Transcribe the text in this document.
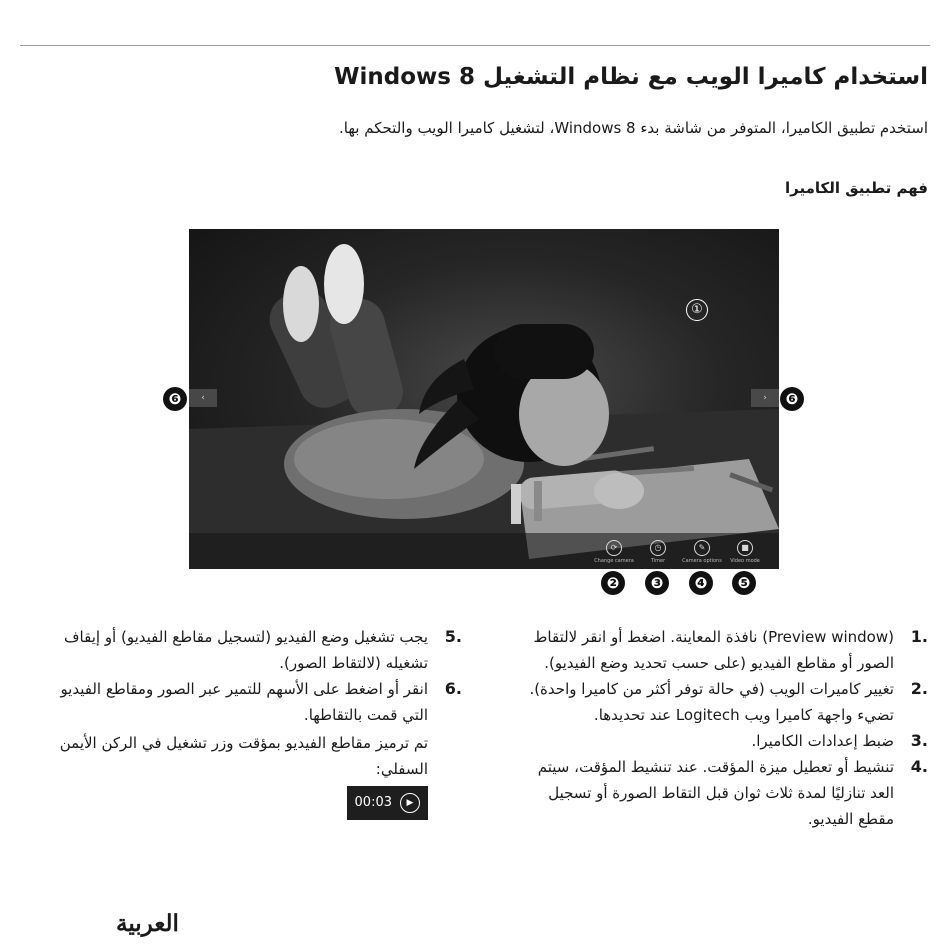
استخدام كاميرا الويب مع نظام التشغيل Windows 8
استخدم تطبيق الكاميرا، المتوفر من شاشة بدء Windows 8، لتشغيل كاميرا الويب والتحكم بها.
فهم تطبيق الكاميرا
‹	›
①
⟳
Change camera
◷
Timer
✎
Camera options
■
Video mode
❻	❻
❷	❸	❹	❺
1.
(Preview window) نافذة المعاينة. اضغط أو انقر لالتقاط الصور أو مقاطع الفيديو (على حسب تحديد وضع الفيديو).
2.
تغيير كاميرات الويب (في حالة توفر أكثر من كاميرا واحدة). تضيء واجهة كاميرا ويب Logitech عند تحديدها.
3.
ضبط إعدادات الكاميرا.
4.
تنشيط أو تعطيل ميزة المؤقت. عند تنشيط المؤقت، سيتم العد تنازليًا لمدة ثلاث ثوان قبل التقاط الصورة أو تسجيل مقطع الفيديو.
5.
يجب تشغيل وضع الفيديو (لتسجيل مقاطع الفيديو) أو إيقاف تشغيله (لالتقاط الصور).
6.
انقر أو اضغط على الأسهم للتمير عبر الصور ومقاطع الفيديو التي قمت بالتقاطها.
تم ترميز مقاطع الفيديو بمؤقت وزر تشغيل في الركن الأيمن السفلي:
00:03	▶
العربية
